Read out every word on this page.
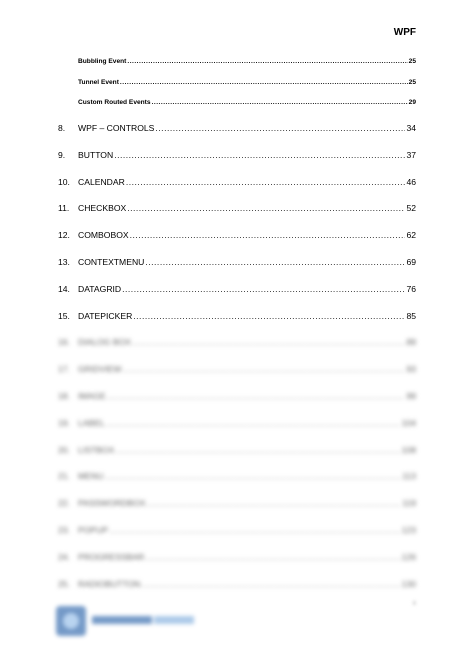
WPF
Bubbling Event .....	25
Tunnel Event .....	25
Custom Routed Events .....	29
8.	WPF – CONTROLS .....	34
9.	BUTTON .....	37
10. CALENDAR .....	46
11.	CHECKBOX .....	52
12. COMBOBOX .....	62
13. CONTEXTMENU .....	69
14. DATAGRID .....	76
15. DATEPICKER .....	85
16. DIALOG BOX .....	89
17. GRIDVIEW .....	93
18. IMAGE .....	99
19. LABEL .....	104
20. LISTBOX .....	108
21. MENU .....	113
22. PASSWORDBOX .....	119
23. POPUP .....	123
24. PROGRESSBAR .....	126
25. RADIOBUTTON .....	130
ii
